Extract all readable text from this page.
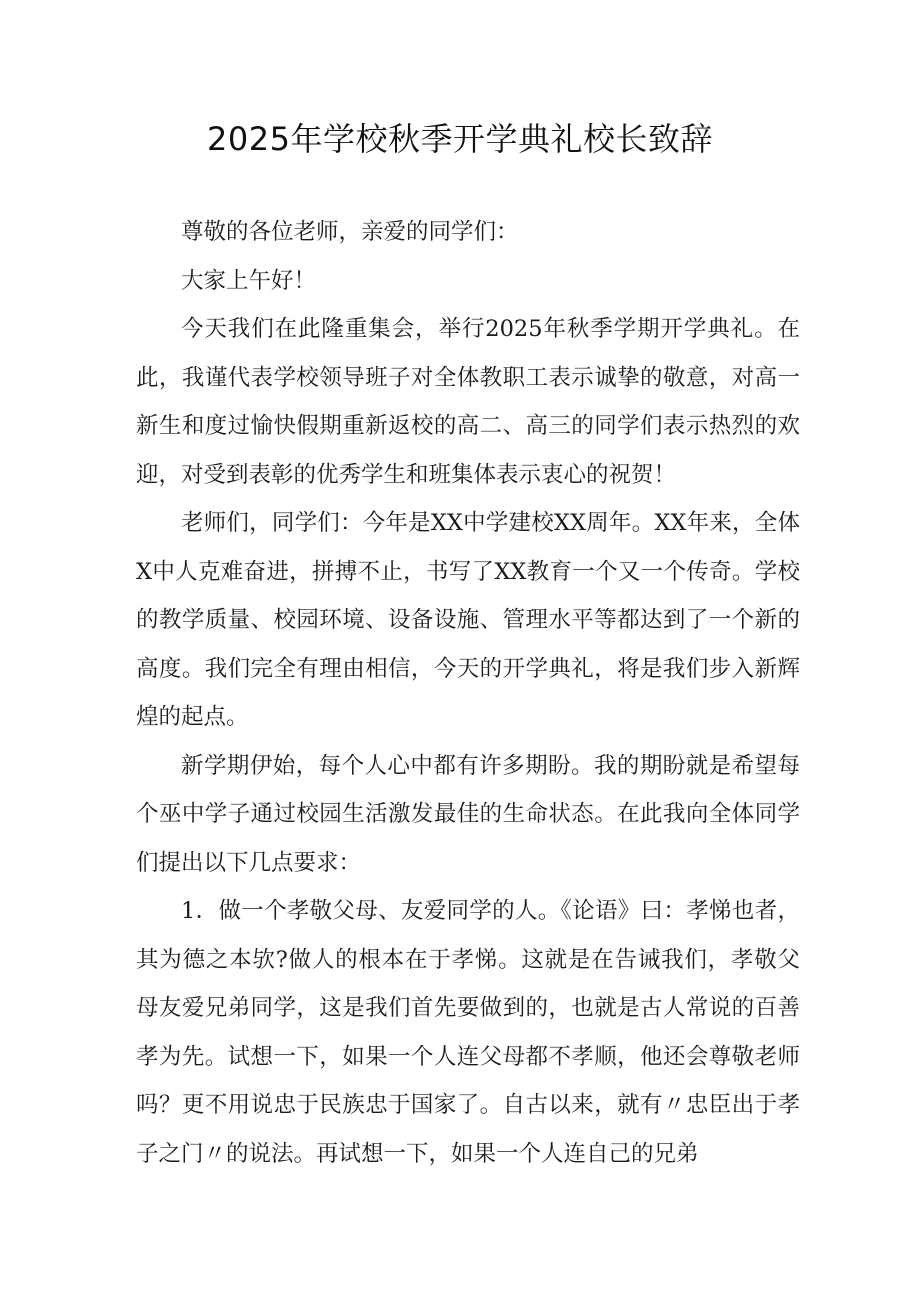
2025年学校秋季开学典礼校长致辞

尊敬的各位老师，亲爱的同学们：

大家上午好！

今天我们在此隆重集会，举行2025年秋季学期开学典礼。在此，我谨代表学校领导班子对全体教职工表示诚挚的敬意，对高一新生和度过愉快假期重新返校的高二、高三的同学们表示热烈的欢迎，对受到表彰的优秀学生和班集体表示衷心的祝贺！

老师们，同学们：今年是XX中学建校XX周年。XX年来，全体X中人克难奋进，拼搏不止，书写了XX教育一个又一个传奇。学校的教学质量、校园环境、设备设施、管理水平等都达到了一个新的高度。我们完全有理由相信，今天的开学典礼，将是我们步入新辉煌的起点。

新学期伊始，每个人心中都有许多期盼。我的期盼就是希望每个巫中学子通过校园生活激发最佳的生命状态。在此我向全体同学们提出以下几点要求：

1．做一个孝敬父母、友爱同学的人。《论语》曰：孝悌也者，其为德之本欤?做人的根本在于孝悌。这就是在告诫我们，孝敬父母友爱兄弟同学，这是我们首先要做到的，也就是古人常说的百善孝为先。试想一下，如果一个人连父母都不孝顺，他还会尊敬老师吗？更不用说忠于民族忠于国家了。自古以来，就有〃忠臣出于孝子之门〃的说法。再试想一下，如果一个人连自己的兄弟
